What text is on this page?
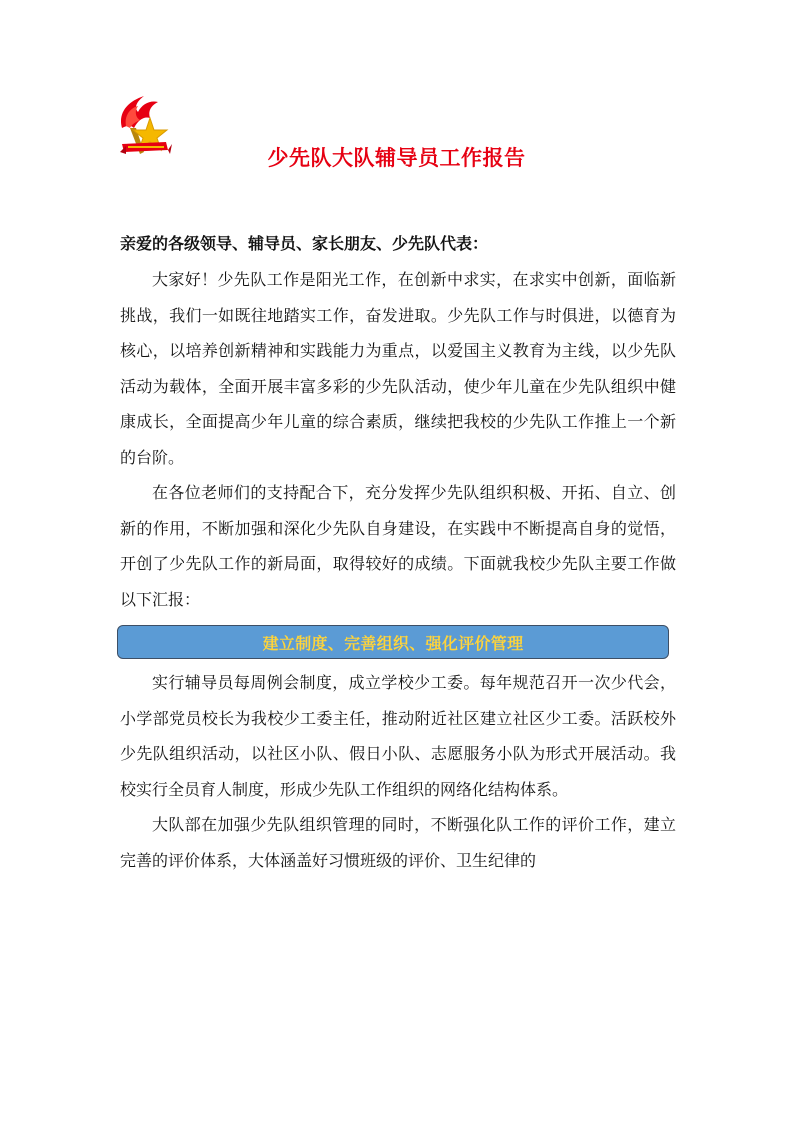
少先队大队辅导员工作报告

亲爱的各级领导、辅导员、家长朋友、少先队代表：

大家好！少先队工作是阳光工作，在创新中求实，在求实中创新，面临新挑战，我们一如既往地踏实工作，奋发进取。少先队工作与时俱进，以德育为核心，以培养创新精神和实践能力为重点，以爱国主义教育为主线，以少先队活动为载体，全面开展丰富多彩的少先队活动，使少年儿童在少先队组织中健康成长，全面提高少年儿童的综合素质，继续把我校的少先队工作推上一个新的台阶。

在各位老师们的支持配合下，充分发挥少先队组织积极、开拓、自立、创新的作用，不断加强和深化少先队自身建设，在实践中不断提高自身的觉悟，开创了少先队工作的新局面，取得较好的成绩。下面就我校少先队主要工作做以下汇报：

建立制度、完善组织、强化评价管理

实行辅导员每周例会制度，成立学校少工委。每年规范召开一次少代会，小学部党员校长为我校少工委主任，推动附近社区建立社区少工委。活跃校外少先队组织活动，以社区小队、假日小队、志愿服务小队为形式开展活动。我校实行全员育人制度，形成少先队工作组织的网络化结构体系。

大队部在加强少先队组织管理的同时，不断强化队工作的评价工作，建立完善的评价体系，大体涵盖好习惯班级的评价、卫生纪律的
